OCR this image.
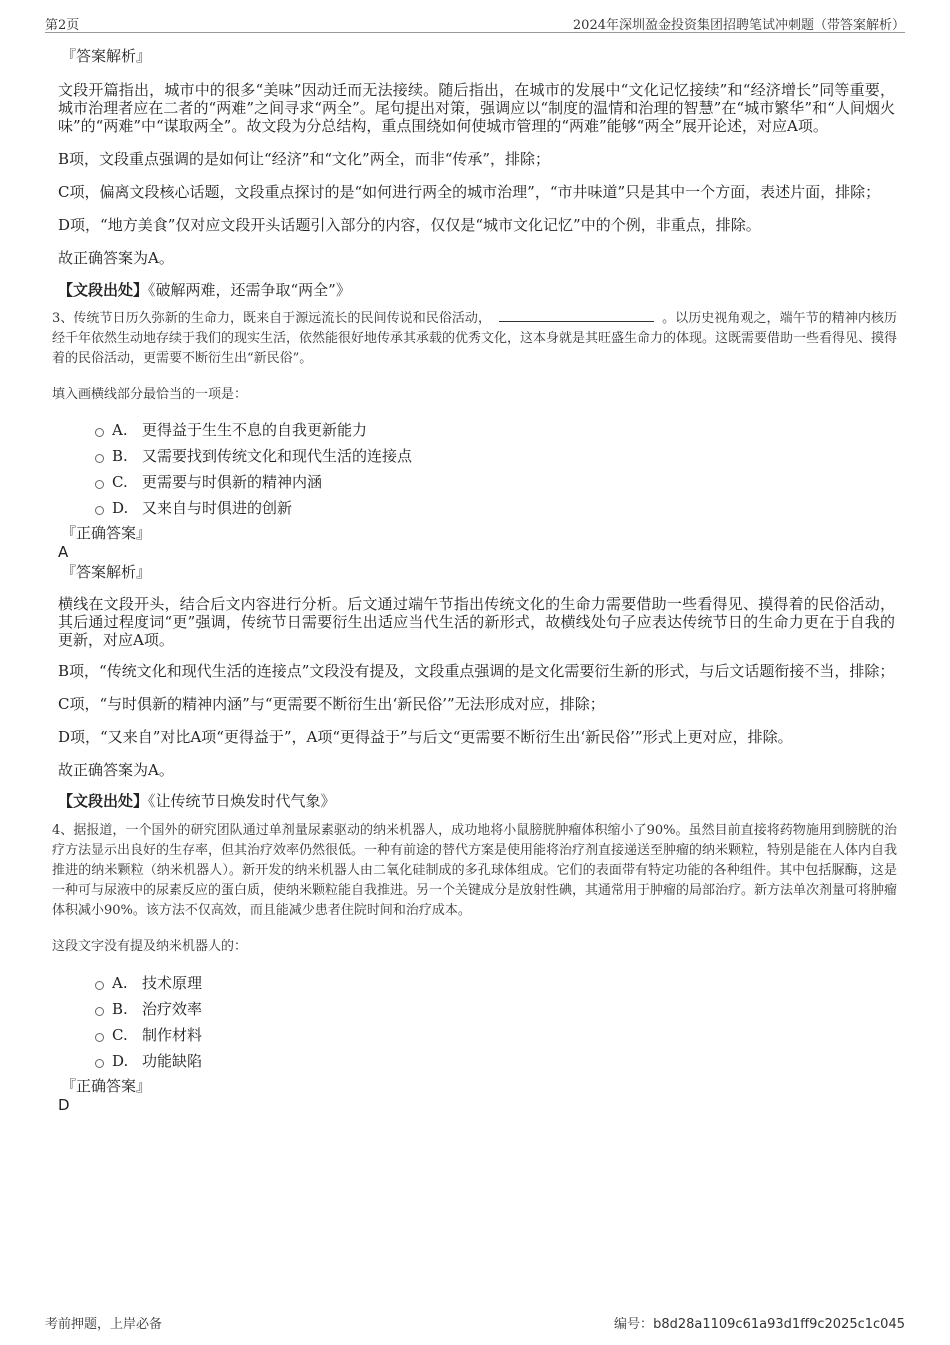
第2页	2024年深圳盈金投资集团招聘笔试冲刺题（带答案解析）
『答案解析』
文段开篇指出，城市中的很多“美味”因动迁而无法接续。随后指出，在城市的发展中“文化记忆接续”和“经济增长”同等重要，城市治理者应在二者的“两难”之间寻求“两全”。尾句提出对策，强调应以“制度的温情和治理的智慧”在“城市繁华”和“人间烟火味”的“两难”中“谋取两全”。故文段为分总结构，重点围绕如何使城市管理的“两难”能够“两全”展开论述，对应A项。
B项，文段重点强调的是如何让“经济”和“文化”两全，而非“传承”，排除；
C项，偏离文段核心话题，文段重点探讨的是“如何进行两全的城市治理”，“市井味道”只是其中一个方面，表述片面，排除；
D项，“地方美食”仅对应文段开头话题引入部分的内容，仅仅是“城市文化记忆”中的个例，非重点，排除。
故正确答案为A。
【文段出处】《破解两难，还需争取“两全”》
3、传统节日历久弥新的生命力，既来自于源远流长的民间传说和民俗活动，	。以历史视角观之，端午节的精神内核历经千年依然生动地存续于我们的现实生活，依然能很好地传承其承载的优秀文化，这本身就是其旺盛生命力的体现。这既需要借助一些看得见、摸得着的民俗活动，更需要不断衍生出“新民俗”。
填入画横线部分最恰当的一项是：
A. 更得益于生生不息的自我更新能力
B. 又需要找到传统文化和现代生活的连接点
C. 更需要与时俱新的精神内涵
D. 又来自与时俱进的创新
『正确答案』
A
『答案解析』
横线在文段开头，结合后文内容进行分析。后文通过端午节指出传统文化的生命力需要借助一些看得见、摸得着的民俗活动，其后通过程度词“更”强调，传统节日需要衍生出适应当代生活的新形式，故横线处句子应表达传统节日的生命力更在于自我的更新，对应A项。
B项，“传统文化和现代生活的连接点”文段没有提及，文段重点强调的是文化需要衍生新的形式，与后文话题衔接不当，排除；
C项，“与时俱新的精神内涵”与“更需要不断衍生出‘新民俗’”无法形成对应，排除；
D项，“又来自”对比A项“更得益于”，A项“更得益于”与后文“更需要不断衍生出‘新民俗’”形式上更对应，排除。
故正确答案为A。
【文段出处】《让传统节日焕发时代气象》
4、据报道，一个国外的研究团队通过单剂量尿素驱动的纳米机器人，成功地将小鼠膀胱肿瘤体积缩小了90%。虽然目前直接将药物施用到膀胱的治疗方法显示出良好的生存率，但其治疗效率仍然很低。一种有前途的替代方案是使用能将治疗剂直接递送至肿瘤的纳米颗粒，特别是能在人体内自我推进的纳米颗粒（纳米机器人）。新开发的纳米机器人由二氧化硅制成的多孔球体组成。它们的表面带有特定功能的各种组件。其中包括脲酶，这是一种可与尿液中的尿素反应的蛋白质，使纳米颗粒能自我推进。另一个关键成分是放射性碘，其通常用于肿瘤的局部治疗。新方法单次剂量可将肿瘤体积减小90%。该方法不仅高效，而且能减少患者住院时间和治疗成本。
这段文字没有提及纳米机器人的：
A. 技术原理
B. 治疗效率
C. 制作材料
D. 功能缺陷
『正确答案』
D
考前押题，上岸必备	编号：b8d28a1109c61a93d1ff9c2025c1c045
